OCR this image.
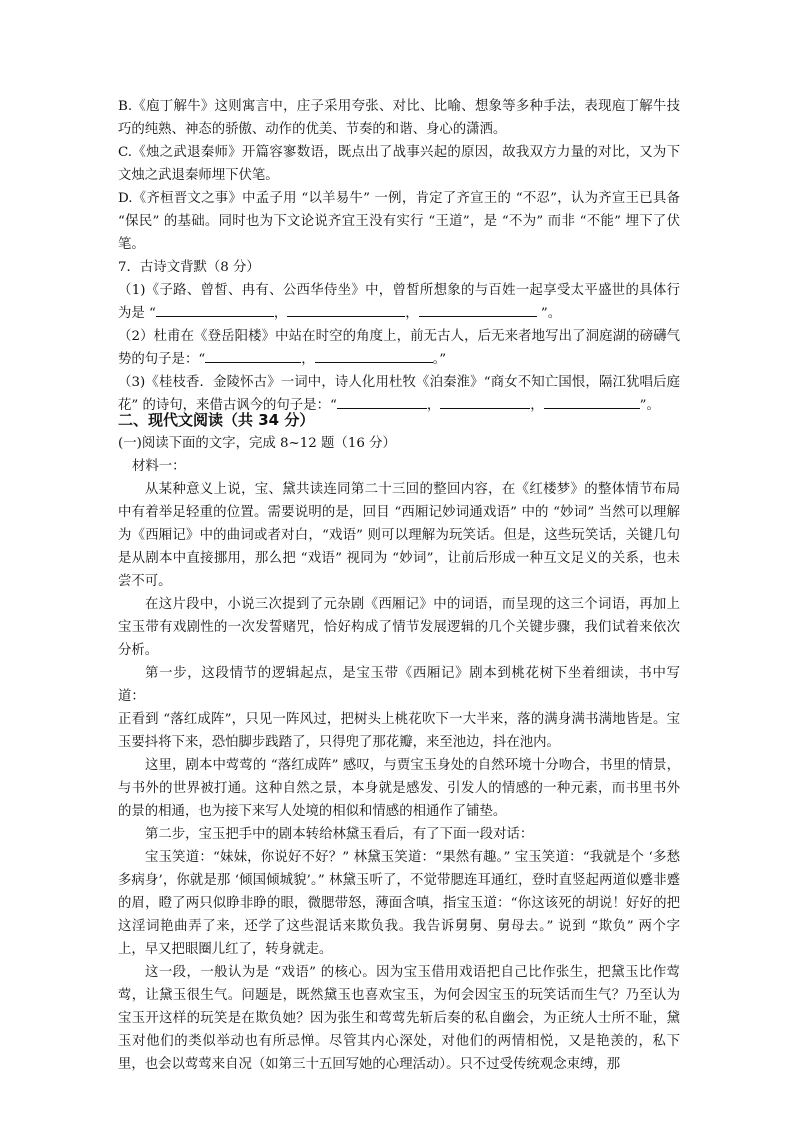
B.《庖丁解牛》这则寓言中，庄子采用夸张、对比、比喻、想象等多种手法，表现庖丁解牛技巧的纯熟、神态的骄傲、动作的优美、节奏的和谐、身心的潇洒。

C.《烛之武退秦师》开篇容寥数语，既点出了战事兴起的原因，故我双方力量的对比，又为下文烛之武退秦师埋下伏笔。

D.《齐桓晋文之事》中孟子用 “以羊易牛” 一例，肯定了齐宣王的 “不忍”，认为齐宣王已具备 “保民” 的基础。同时也为下文论说齐宜王没有实行 “王道”，是 “不为” 而非 “不能” 埋下了伏笔。

7．古诗文背默（8 分）

（1)《子路、曾皙、冉有、公西华侍坐》中，曾皙所想象的与百姓一起享受太平盛世的具体行为是 “	，	，	”。

（2）杜甫在《登岳阳楼》中站在时空的角度上，前无古人，后无来者地写出了洞庭湖的磅礴气势的句子是：“	，	。”

（3)《桂枝香．金陵怀古》一词中，诗人化用杜牧《泊秦淮》“商女不知亡国恨，隔江犹唱后庭花” 的诗句，来借古讽今的句子是：“	，	，	”。

二、现代文阅读（共 34 分）

(一)阅读下面的文字，完成 8~12 题（16 分）

材料一：

从某种意义上说，宝、黛共读连同第二十三回的整回内容，在《红楼梦》的整体情节布局中有着举足轻重的位置。需要说明的是，回目 “西厢记妙词通戏语” 中的 “妙词” 当然可以理解为《西厢记》中的曲词或者对白，“戏语” 则可以理解为玩笑话。但是，这些玩笑话，关键几句是从剧本中直接挪用，那么把 “戏语” 视同为 “妙词”，让前后形成一种互文足义的关系，也未尝不可。

在这片段中，小说三次提到了元杂剧《西厢记》中的词语，而呈现的这三个词语，再加上宝玉带有戏剧性的一次发誓赌咒，恰好构成了情节发展逻辑的几个关键步骤，我们试着来依次分析。

第一步，这段情节的逻辑起点，是宝玉带《西厢记》剧本到桃花树下坐着细读，书中写道：

正看到 “落红成阵”，只见一阵风过，把树头上桃花吹下一大半来，落的满身满书满地皆是。宝玉要抖将下来，恐怕脚步践踏了，只得兜了那花瓣，来至池边，抖在池内。

这里，剧本中莺莺的 “落红成阵” 感叹，与贾宝玉身处的自然环境十分吻合，书里的情景，与书外的世界被打通。这种自然之景，本身就是感发、引发人的情感的一种元素，而书里书外的景的相通，也为接下来写人处境的相似和情感的相通作了铺垫。

第二步，宝玉把手中的剧本转给林黛玉看后，有了下面一段对话：

宝玉笑道：“妹妹，你说好不好？” 林黛玉笑道：“果然有趣。” 宝玉笑道：“我就是个 ‘多愁多病身’，你就是那 ‘倾国倾城貌’。” 林黛玉听了，不觉带腮连耳通红，登时直竖起两道似蹙非蹙的眉，瞪了两只似睁非睁的眼，微腮带怒，薄面含嗔，指宝玉道：“你这该死的胡说！好好的把这淫词艳曲弄了来，还学了这些混话来欺负我。我告诉舅舅、舅母去。” 说到 “欺负” 两个字上，早又把眼圈儿红了，转身就走。

这一段，一般认为是 “戏语” 的核心。因为宝玉借用戏语把自己比作张生，把黛玉比作莺莺，让黛玉很生气。问题是，既然黛玉也喜欢宝玉，为何会因宝玉的玩笑话而生气？乃至认为宝玉开这样的玩笑是在欺负她？因为张生和莺莺先斩后奏的私自幽会，为正统人士所不耻，黛玉对他们的类似举动也有所忌惮。尽管其内心深处，对他们的两情相悦，又是艳羡的，私下里，也会以莺莺来自况（如第三十五回写她的心理活动）。只不过受传统观念束缚，那
